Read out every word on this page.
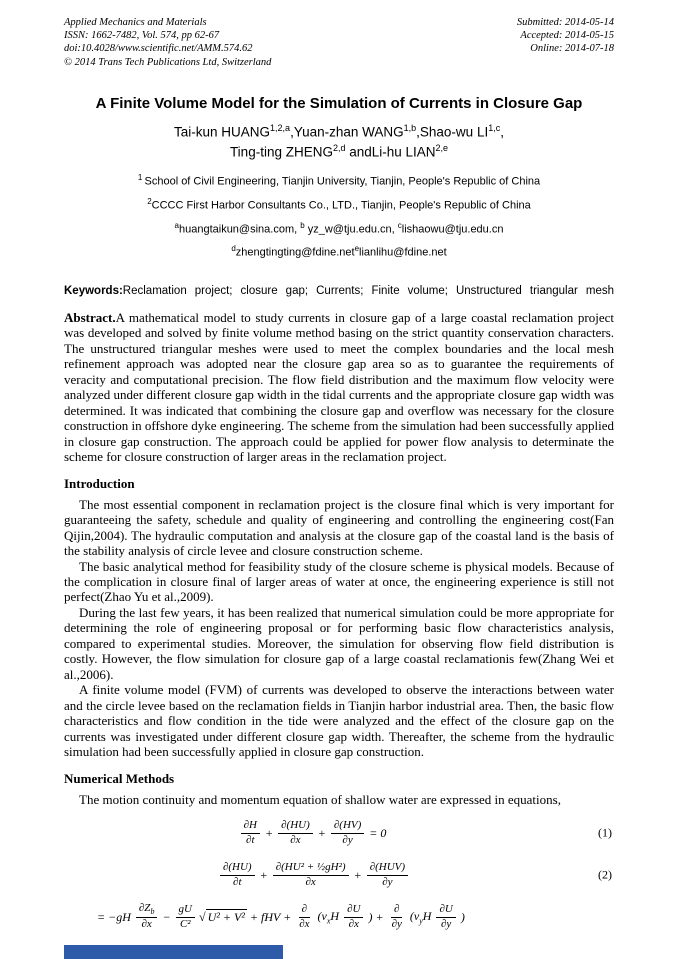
Applied Mechanics and Materials
ISSN: 1662-7482, Vol. 574, pp 62-67
doi:10.4028/www.scientific.net/AMM.574.62
© 2014 Trans Tech Publications Ltd, Switzerland
Submitted: 2014-05-14
Accepted: 2014-05-15
Online: 2014-07-18
A Finite Volume Model for the Simulation of Currents in Closure Gap
Tai-kun HUANG$^{1,2,a}$,Yuan-zhan WANG$^{1,b}$,Shao-wu LI$^{1,c}$,
Ting-ting ZHENG$^{2,d}$ andLi-hu LIAN$^{2,e}$
$^1$ School of Civil Engineering, Tianjin University, Tianjin, People's Republic of China
$^2$CCCC First Harbor Consultants Co., LTD., Tianjin, People's Republic of China
$^a$huangtaikun@sina.com, $^b$ yz_w@tju.edu.cn, $^c$lishaowu@tju.edu.cn
$^d$zhengtingting@fdine.net$^e$lianlihu@fdine.net
Keywords:Reclamation project; closure gap; Currents; Finite volume; Unstructured triangular mesh

Abstract.A mathematical model to study currents in closure gap of a large coastal reclamation project was developed and solved by finite volume method basing on the strict quantity conservation characters. The unstructured triangular meshes were used to meet the complex boundaries and the local mesh refinement approach was adopted near the closure gap area so as to guarantee the requirements of veracity and computational precision. The flow field distribution and the maximum flow velocity were analyzed under different closure gap width in the tidal currents and the appropriate closure gap width was determined. It was indicated that combining the closure gap and overflow was necessary for the closure construction in offshore dyke engineering. The scheme from the simulation had been successfully applied in closure gap construction. The approach could be applied for power flow analysis to determinate the scheme for closure construction of larger areas in the reclamation project.

Introduction

The most essential component in reclamation project is the closure final which is very important for guaranteeing the safety, schedule and quality of engineering and controlling the engineering cost(Fan Qijin,2004). The hydraulic computation and analysis at the closure gap of the coastal land is the basis of the stability analysis of circle levee and closure construction scheme.

The basic analytical method for feasibility study of the closure scheme is physical models. Because of the complication in closure final of larger areas of water at once, the engineering experience is still not perfect(Zhao Yu et al.,2009).

During the last few years, it has been realized that numerical simulation could be more appropriate for determining the role of engineering proposal or for performing basic flow characteristics analysis, compared to experimental studies. Moreover, the simulation for observing flow field distribution is costly. However, the flow simulation for closure gap of a large coastal reclamationis few(Zhang Wei et al.,2006).

A finite volume model (FVM) of currents was developed to observe the interactions between water and the circle levee based on the reclamation fields in Tianjin harbor industrial area. Then, the basic flow characteristics and flow condition in the tide were analyzed and the effect of the closure gap on the currents was investigated under different closure gap width. Thereafter, the scheme from the hydraulic simulation had been successfully applied in closure gap construction.

Numerical Methods

The motion continuity and momentum equation of shallow water are expressed in equations,

$\frac{\partial H}{\partial t} + \frac{\partial(HU)}{\partial x} + \frac{\partial(HV)}{\partial y} = 0$	(1)
$\frac{\partial(HU)}{\partial t} + \frac{\text{∂(HU² + ½gH²)}}{\partial x} + \frac{\text{∂(HUV)}}{\partial y}$	(2)
= $-gH \frac{\partial Z_b}{\partial x} - \frac{gU}{\text{C²}}$ √ U² + V² + fHV + $\frac{\partial}{\partial x} (\nu_xH \frac{\partial U}{\partial x}$ ) + $\frac{\partial}{\partial y} (\nu_yH \frac{\partial U}{\partial y}$ )
